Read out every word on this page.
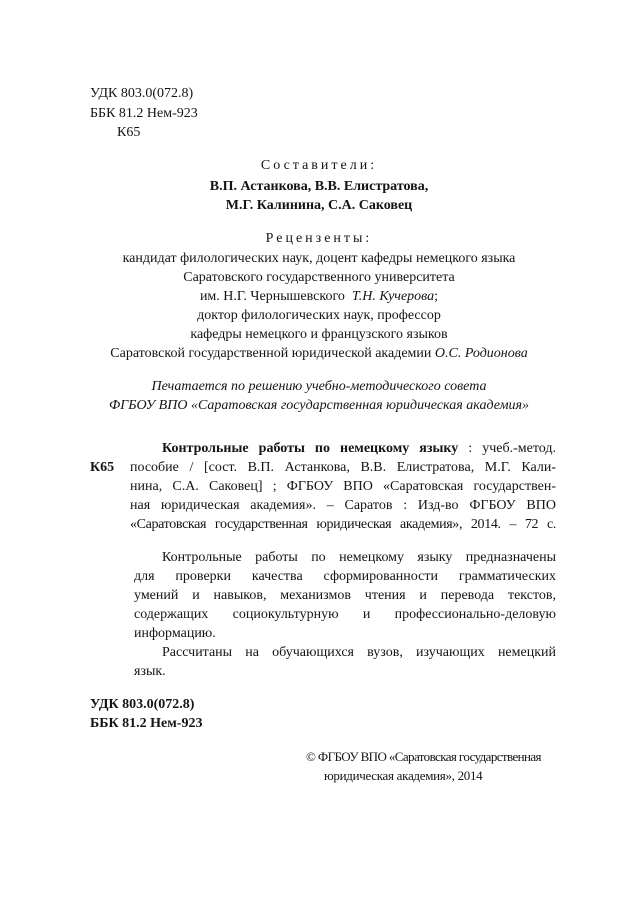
УДК 803.0(072.8)
ББК 81.2 Нем-923
К65
Составители:
В.П. Астанкова, В.В. Елистратова,
М.Г. Калинина, С.А. Саковец
Рецензенты:
кандидат филологических наук, доцент кафедры немецкого языка
Саратовского государственного университета
им. Н.Г. Чернышевского Т.Н. Кучерова;
доктор филологических наук, профессор
кафедры немецкого и французского языков
Саратовской государственной юридической академии О.С. Родионова
Печатается по решению учебно-методического совета
ФГБОУ ВПО «Саратовская государственная юридическая академия»
К65
Контрольные работы по немецкому языку : учеб.-метод.
пособие / [сост. В.П. Астанкова, В.В. Елистратова, М.Г. Кали-
нина, С.А. Саковец] ; ФГБОУ ВПО «Саратовская государствен-
ная юридическая академия». – Саратов : Изд-во ФГБОУ ВПО
«Саратовская государственная юридическая академия», 2014. – 72 с.
Контрольные работы по немецкому языку предназначены
для проверки качества сформированности грамматических
умений и навыков, механизмов чтения и перевода текстов,
содержащих социокультурную и профессионально-деловую
информацию.
Рассчитаны на обучающихся вузов, изучающих немецкий
язык.
УДК 803.0(072.8)
ББК 81.2 Нем-923
© ФГБОУ ВПО «Саратовская государственная
юридическая академия», 2014
